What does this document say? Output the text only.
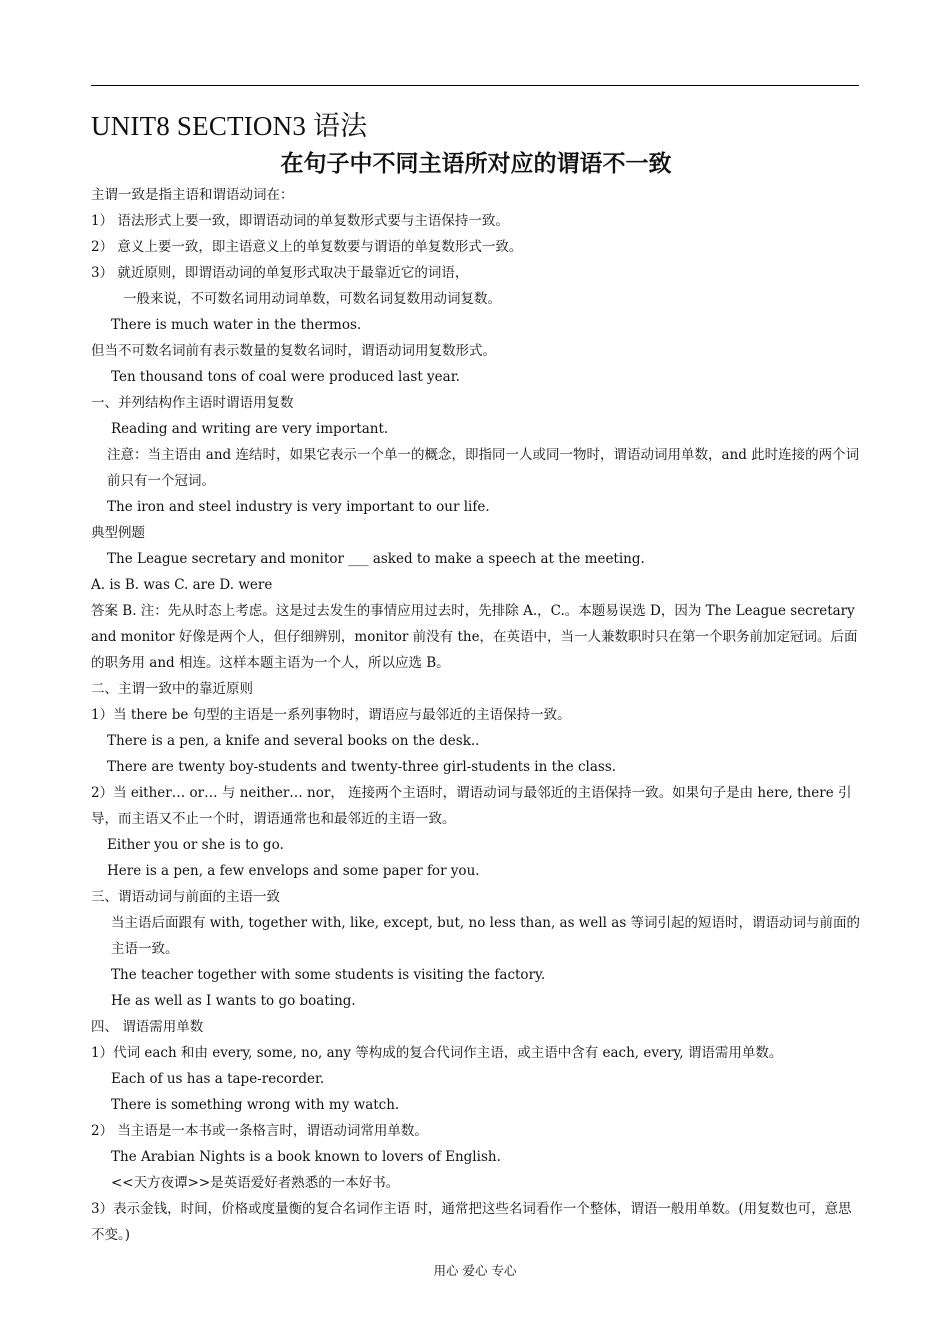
UNIT8 SECTION3 语法
在句子中不同主语所对应的谓语不一致
主谓一致是指主语和谓语动词在：
1） 语法形式上要一致，即谓语动词的单复数形式要与主语保持一致。
2） 意义上要一致，即主语意义上的单复数要与谓语的单复数形式一致。
3） 就近原则，即谓语动词的单复形式取决于最靠近它的词语，
一般来说，不可数名词用动词单数，可数名词复数用动词复数。
There is much water in the thermos.
但当不可数名词前有表示数量的复数名词时，谓语动词用复数形式。
Ten thousand tons of coal were produced last year.
一、并列结构作主语时谓语用复数
Reading and writing are very important.
注意：当主语由 and 连结时，如果它表示一个单一的概念，即指同一人或同一物时，谓语动词用单数，and 此时连接的两个词前只有一个冠词。
The iron and steel industry is very important to our life.
典型例题
The League secretary and monitor ___ asked to make a speech at the meeting.
A. is B. was C. are D. were
答案 B. 注：先从时态上考虑。这是过去发生的事情应用过去时，先排除 A.，C.。本题易误选 D，因为 The League secretary and monitor 好像是两个人，但仔细辨别，monitor 前没有 the，在英语中，当一人兼数职时只在第一个职务前加定冠词。后面的职务用 and 相连。这样本题主语为一个人，所以应选 B。
二、主谓一致中的靠近原则
1）当 there be 句型的主语是一系列事物时，谓语应与最邻近的主语保持一致。
There is a pen, a knife and several books on the desk..
There are twenty boy-students and twenty-three girl-students in the class.
2）当 either… or… 与 neither… nor， 连接两个主语时，谓语动词与最邻近的主语保持一致。如果句子是由 here, there 引导，而主语又不止一个时，谓语通常也和最邻近的主语一致。
Either you or she is to go.
Here is a pen, a few envelops and some paper for you.
三、谓语动词与前面的主语一致
当主语后面跟有 with, together with, like, except, but, no less than, as well as 等词引起的短语时，谓语动词与前面的主语一致。
The teacher together with some students is visiting the factory.
He as well as I wants to go boating.
四、 谓语需用单数
1）代词 each 和由 every, some, no, any 等构成的复合代词作主语，或主语中含有 each, every, 谓语需用单数。
Each of us has a tape-recorder.
There is something wrong with my watch.
2） 当主语是一本书或一条格言时，谓语动词常用单数。
The Arabian Nights is a book known to lovers of English.
<<天方夜谭>>是英语爱好者熟悉的一本好书。
3）表示金钱，时间，价格或度量衡的复合名词作主语 时，通常把这些名词看作一个整体，谓语一般用单数。(用复数也可，意思不变。)
用心 爱心 专心
